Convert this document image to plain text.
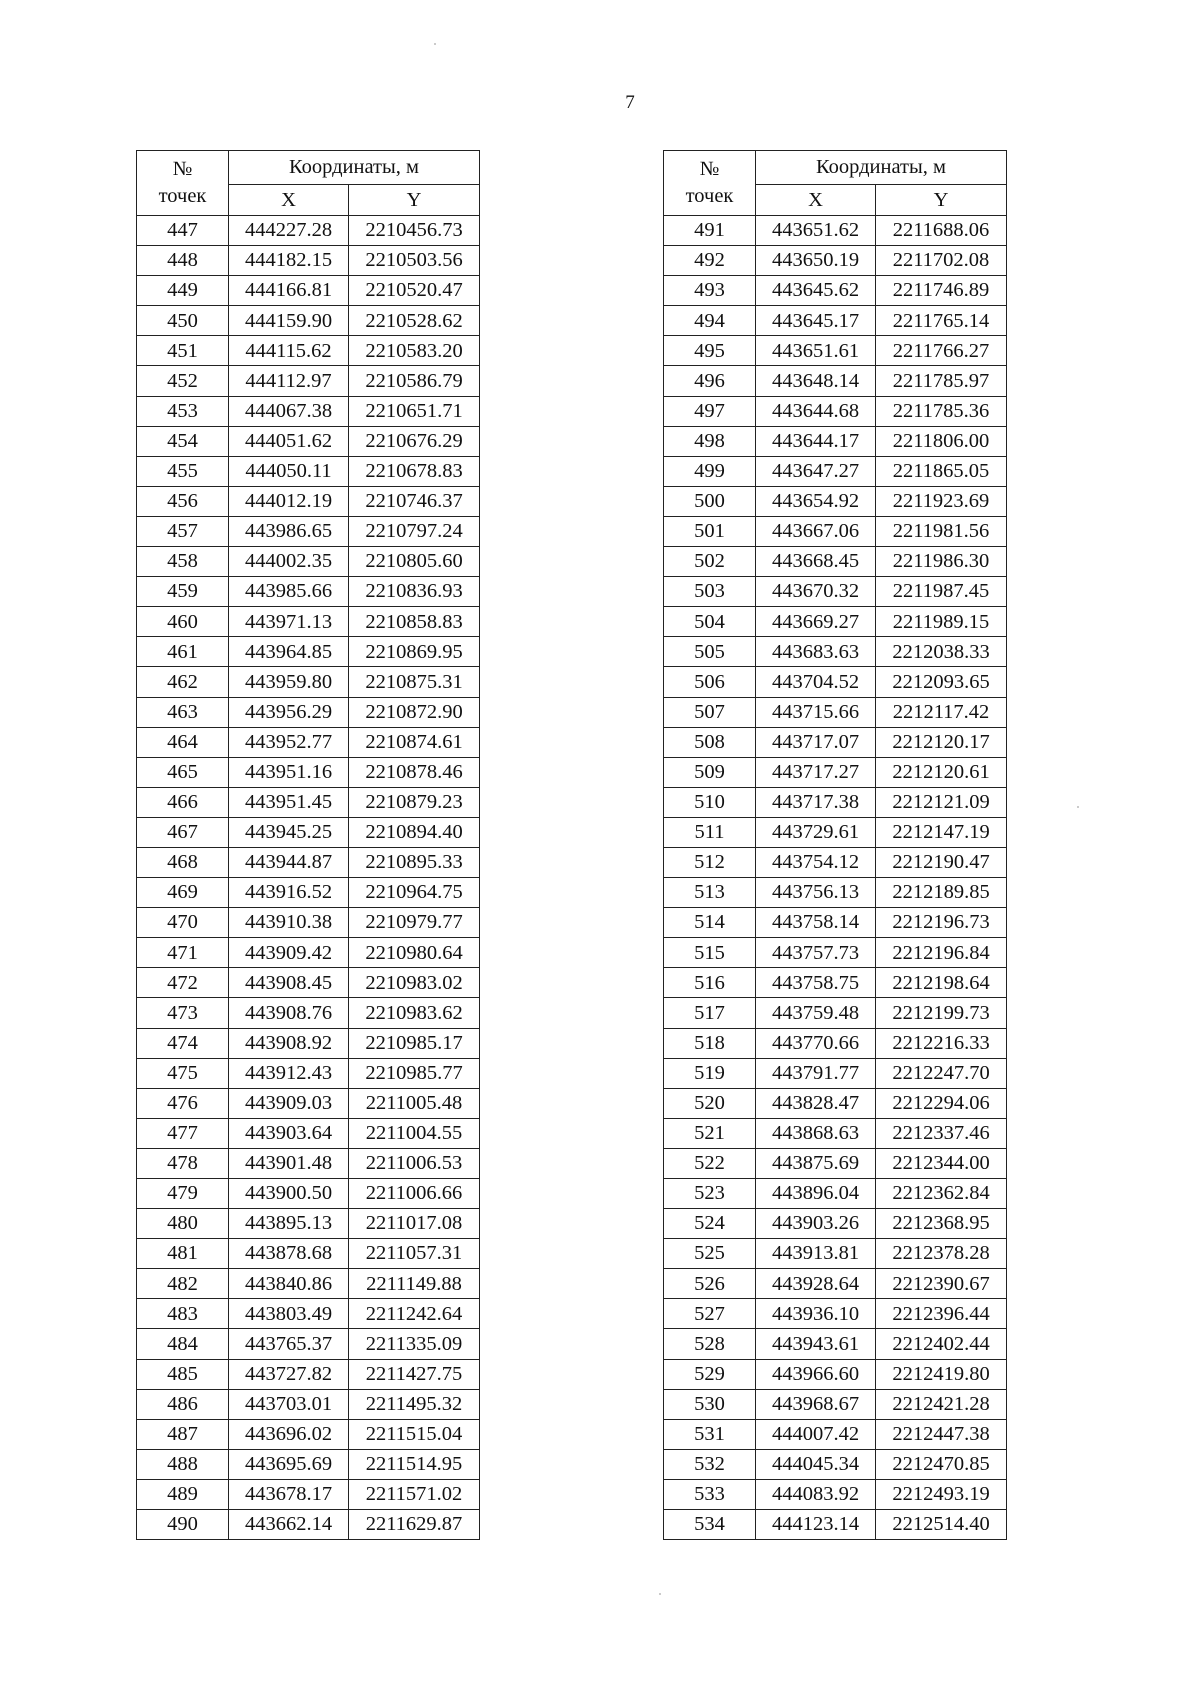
7
№
точек	Координаты, м	
	X	Y
447	444227.28	2210456.73
448	444182.15	2210503.56
449	444166.81	2210520.47
450	444159.90	2210528.62
451	444115.62	2210583.20
452	444112.97	2210586.79
453	444067.38	2210651.71
454	444051.62	2210676.29
455	444050.11	2210678.83
456	444012.19	2210746.37
457	443986.65	2210797.24
458	444002.35	2210805.60
459	443985.66	2210836.93
460	443971.13	2210858.83
461	443964.85	2210869.95
462	443959.80	2210875.31
463	443956.29	2210872.90
464	443952.77	2210874.61
465	443951.16	2210878.46
466	443951.45	2210879.23
467	443945.25	2210894.40
468	443944.87	2210895.33
469	443916.52	2210964.75
470	443910.38	2210979.77
471	443909.42	2210980.64
472	443908.45	2210983.02
473	443908.76	2210983.62
474	443908.92	2210985.17
475	443912.43	2210985.77
476	443909.03	2211005.48
477	443903.64	2211004.55
478	443901.48	2211006.53
479	443900.50	2211006.66
480	443895.13	2211017.08
481	443878.68	2211057.31
482	443840.86	2211149.88
483	443803.49	2211242.64
484	443765.37	2211335.09
485	443727.82	2211427.75
486	443703.01	2211495.32
487	443696.02	2211515.04
488	443695.69	2211514.95
489	443678.17	2211571.02
490	443662.14	2211629.87
№
точек	Координаты, м	
	X	Y
491	443651.62	2211688.06
492	443650.19	2211702.08
493	443645.62	2211746.89
494	443645.17	2211765.14
495	443651.61	2211766.27
496	443648.14	2211785.97
497	443644.68	2211785.36
498	443644.17	2211806.00
499	443647.27	2211865.05
500	443654.92	2211923.69
501	443667.06	2211981.56
502	443668.45	2211986.30
503	443670.32	2211987.45
504	443669.27	2211989.15
505	443683.63	2212038.33
506	443704.52	2212093.65
507	443715.66	2212117.42
508	443717.07	2212120.17
509	443717.27	2212120.61
510	443717.38	2212121.09
511	443729.61	2212147.19
512	443754.12	2212190.47
513	443756.13	2212189.85
514	443758.14	2212196.73
515	443757.73	2212196.84
516	443758.75	2212198.64
517	443759.48	2212199.73
518	443770.66	2212216.33
519	443791.77	2212247.70
520	443828.47	2212294.06
521	443868.63	2212337.46
522	443875.69	2212344.00
523	443896.04	2212362.84
524	443903.26	2212368.95
525	443913.81	2212378.28
526	443928.64	2212390.67
527	443936.10	2212396.44
528	443943.61	2212402.44
529	443966.60	2212419.80
530	443968.67	2212421.28
531	444007.42	2212447.38
532	444045.34	2212470.85
533	444083.92	2212493.19
534	444123.14	2212514.40
